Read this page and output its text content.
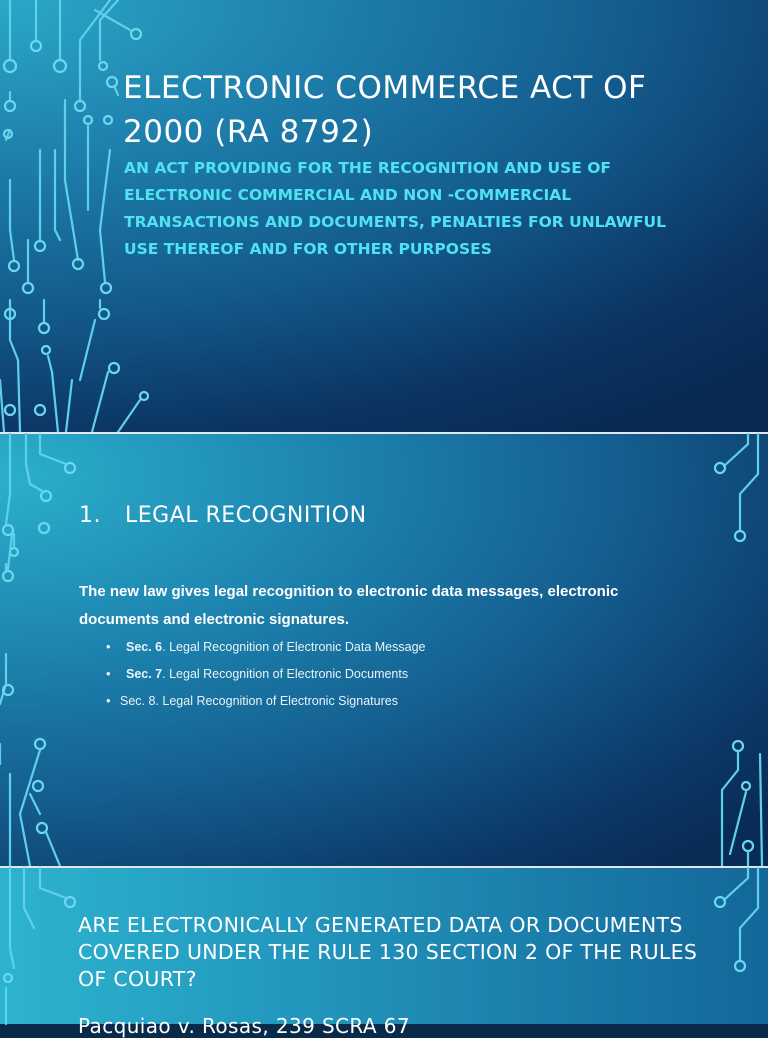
ELECTRONIC COMMERCE ACT OF 2000 (RA 8792)
AN ACT PROVIDING FOR THE RECOGNITION AND USE OF ELECTRONIC COMMERCIAL AND NON -COMMERCIAL TRANSACTIONS AND DOCUMENTS, PENALTIES FOR UNLAWFUL USE THEREOF AND FOR OTHER PURPOSES
1. LEGAL RECOGNITION
The new law gives legal recognition to electronic data messages, electronic documents and electronic signatures.
• Sec. 6. Legal Recognition of Electronic Data Message
• Sec. 7. Legal Recognition of Electronic Documents
• Sec. 8. Legal Recognition of Electronic Signatures
ARE ELECTRONICALLY GENERATED DATA OR DOCUMENTS COVERED UNDER THE RULE 130 SECTION 2 OF THE RULES OF COURT?
Pacquiao v. Rosas, 239 SCRA 67
